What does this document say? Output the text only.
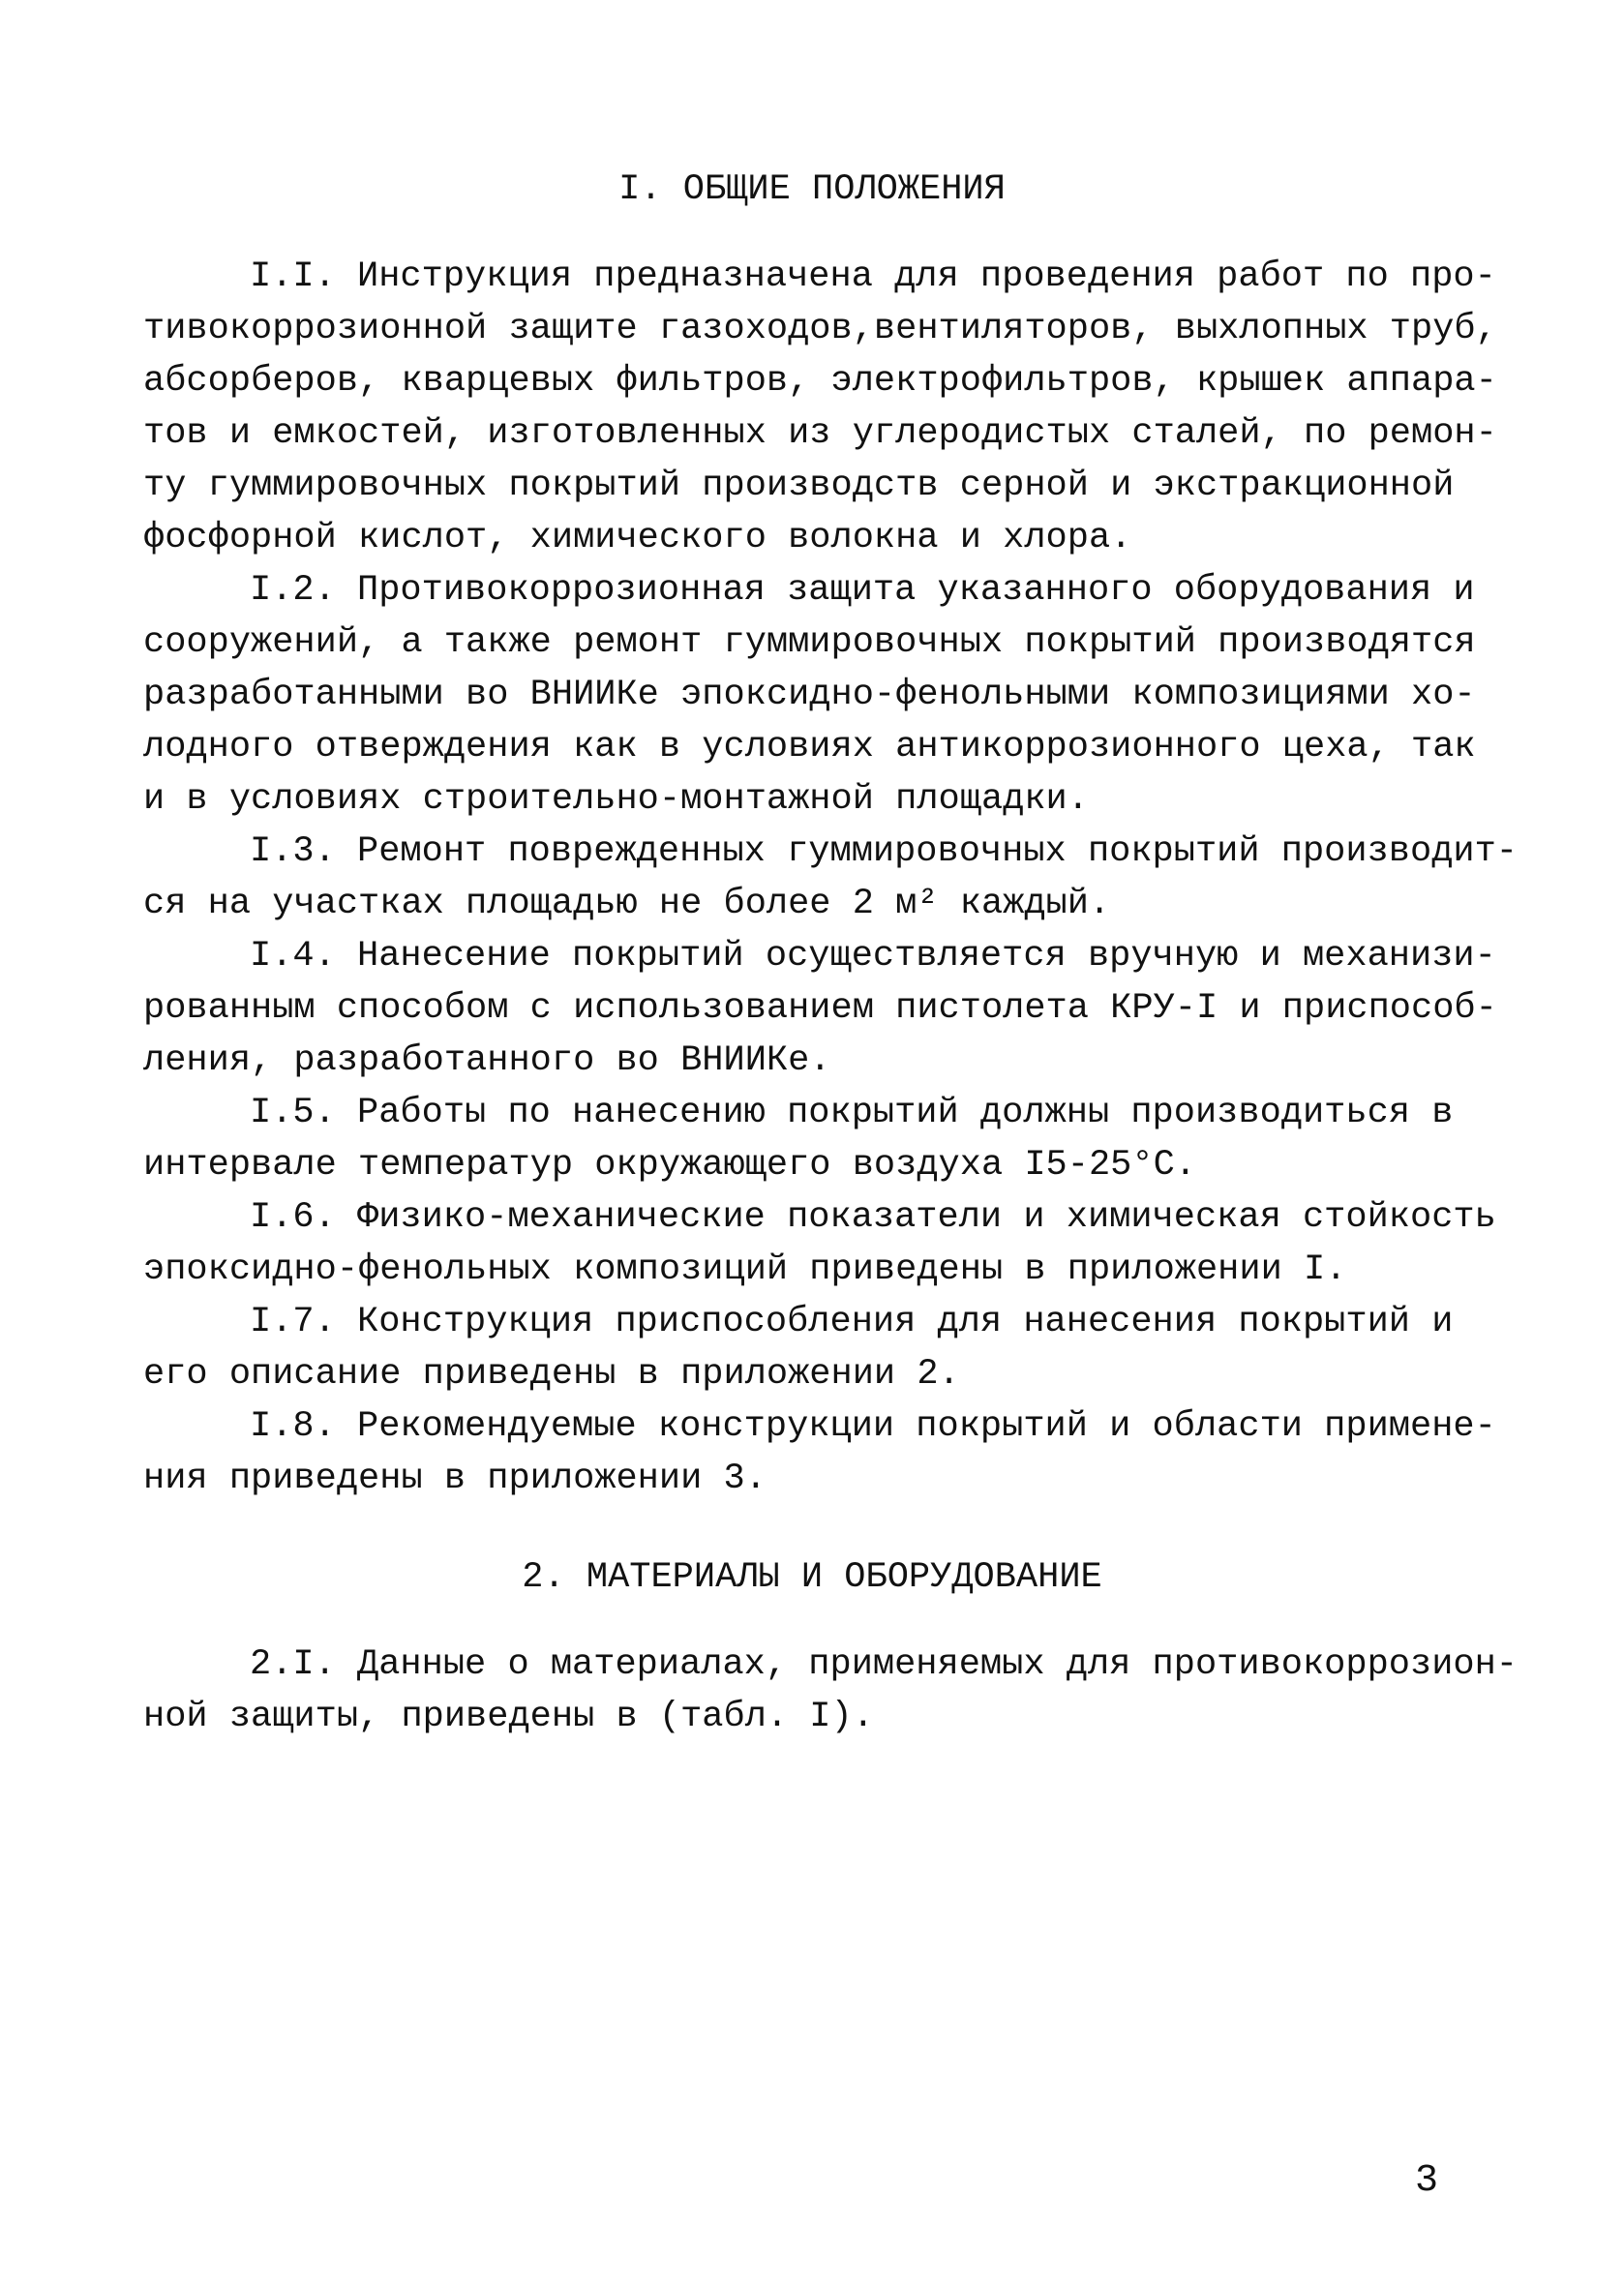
I. ОБЩИЕ ПОЛОЖЕНИЯ
I.I. Инструкция предназначена для проведения работ по про-
тивокоррозионной защите газоходов,вентиляторов, выхлопных труб,
абсорберов, кварцевых фильтров, электрофильтров, крышек аппара-
тов и емкостей, изготовленных из углеродистых сталей, по ремон-
ту гуммировочных покрытий производств серной и экстракционной
фосфорной кислот, химического волокна и хлора.
I.2. Противокоррозионная защита указанного оборудования и
сооружений, а также ремонт гуммировочных покрытий производятся
разработанными во ВНИИКе эпоксидно-фенольными композициями хо-
лодного отверждения как в условиях антикоррозионного цеха, так
и в условиях строительно-монтажной площадки.
I.3. Ремонт поврежденных гуммировочных покрытий производит-
ся на участках площадью не более 2 м² каждый.
I.4. Нанесение покрытий осуществляется вручную и механизи-
рованным способом с использованием пистолета КРУ-I и приспособ-
ления, разработанного во ВНИИКе.
I.5. Работы по нанесению покрытий должны производиться в
интервале температур окружающего воздуха I5-25°С.
I.6. Физико-механические показатели и химическая стойкость
эпоксидно-фенольных композиций приведены в приложении I.
I.7. Конструкция приспособления для нанесения покрытий и
его описание приведены в приложении 2.
I.8. Рекомендуемые конструкции покрытий и области примене-
ния приведены в приложении 3.
2. МАТЕРИАЛЫ И ОБОРУДОВАНИЕ
2.I. Данные о материалах, применяемых для противокоррозион-
ной защиты, приведены в (табл. I).
3
